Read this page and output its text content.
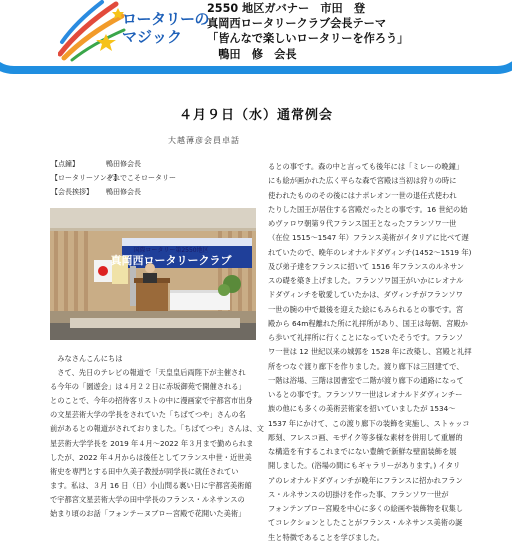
ロータリーの
マジック
2550 地区ガバナー　市田　登
真岡西ロータリークラブ会長テーマ
「皆んなで楽しいロータリーを作ろう」
　鴨田　修　会長
４月９日（水）通常例会
大越薄彦会員卓話
【点鐘】	鴨田修会長
【ロータリーソング】
それでこそロータリー
【会長挨拶】 鴨田修会長
国際ロータリー第2550地区
真岡西ロータリークラブ
　みなさんこんにちは
　さて、先日のテレビの報道で「天皇皇后両陛下が主催され
る今年の「園遊会」は４月２２日に赤坂御苑で開催される」
とのことで、今年の招待客リストの中に漫画家で宇都宮市出身
の文星芸術大学の学長をされていた「ちばてつや」さんの名
前があるとの報道がされておりました。「ちばてつや」さんは、文
星芸術大学学長を 2019 年４月～2022 年３月まで勤められま
したが、2022 年４月からは後任としてフランス中世・近世美
術史を専門とする田中久美子教授が同学長に就任されてい
ます。私は、３月 16 日（日）小山問る裏い日に宇都宮美術館
で宇都宮文星芸術大学の田中学長のフランス・ルネサンスの
始まり頃のお話「フォンテーヌブロー宮殿で花開いた美術」
るとの事です。森の中と言っても後年には「ミレーの晩鐘」
にも絵が画かれた広く平らな森で宮殿は当初は狩りの時に
使われたもののその後にはナポレオン一世の退任式使われ
たりした国王が居住する宮殿だったとの事です。16 世紀の始
めヴァロワ朝第９代フランス国王となったフランソワ一世
（在位 1515～1547 年）フランス美術がイタリアに比べて遅
れていたので、晩年のレオナルドダヴィンチ(1452～1519 年)
及び弟子達をフランスに招いて 1516 年フランスのルネサン
スの礎を築き上げました。フランソワ国王がいかにレオナル
ドダヴィンチを敬愛していたかは、ダヴィンチがフランソワ
一世の腕の中で最後を迎えた絵にもみられるとの事です。宮
殿から 64m程離れた所に礼拝所があり、国王は毎朝、宮殿か
ら歩いて礼拝所に行くことになっていたそうです。フランソ
ワ一世は 12 世紀以来の城郭を 1528 年に改築し、宮殿と礼拝
所をつなぐ渡り廊下を作りました。渡り廊下は三回建てで、
一階は浴場、三階は図書室で二階が渡り廊下の通路になって
いるとの事です。フランソワ一世はレオナルドダヴィンチー
族の他にも多くの美術芸術家を招いていましたが 1534～
1537 年にかけて、この渡り廊下の装飾を実施し、ストゥッコ
彫刻、フレスコ画、モザイク等多様な素材を併用して重層的
な構造を有するこれまでにない豊饒で新鮮な壁面装飾を展
開しました。(浴場の間にもギャラリーがあります。) イタリ
アのレオナルドダヴィンチが晩年にフランスに招かれフラン
ス・ルネサンスの切掛けを作った事、フランソワ一世が
フォンテンブロー宮殿を中心に多くの絵画や装飾物を収集し
てコレクションとしたことがフランス・ルネサンス美術の誕
生と特徴であることを学びました。
